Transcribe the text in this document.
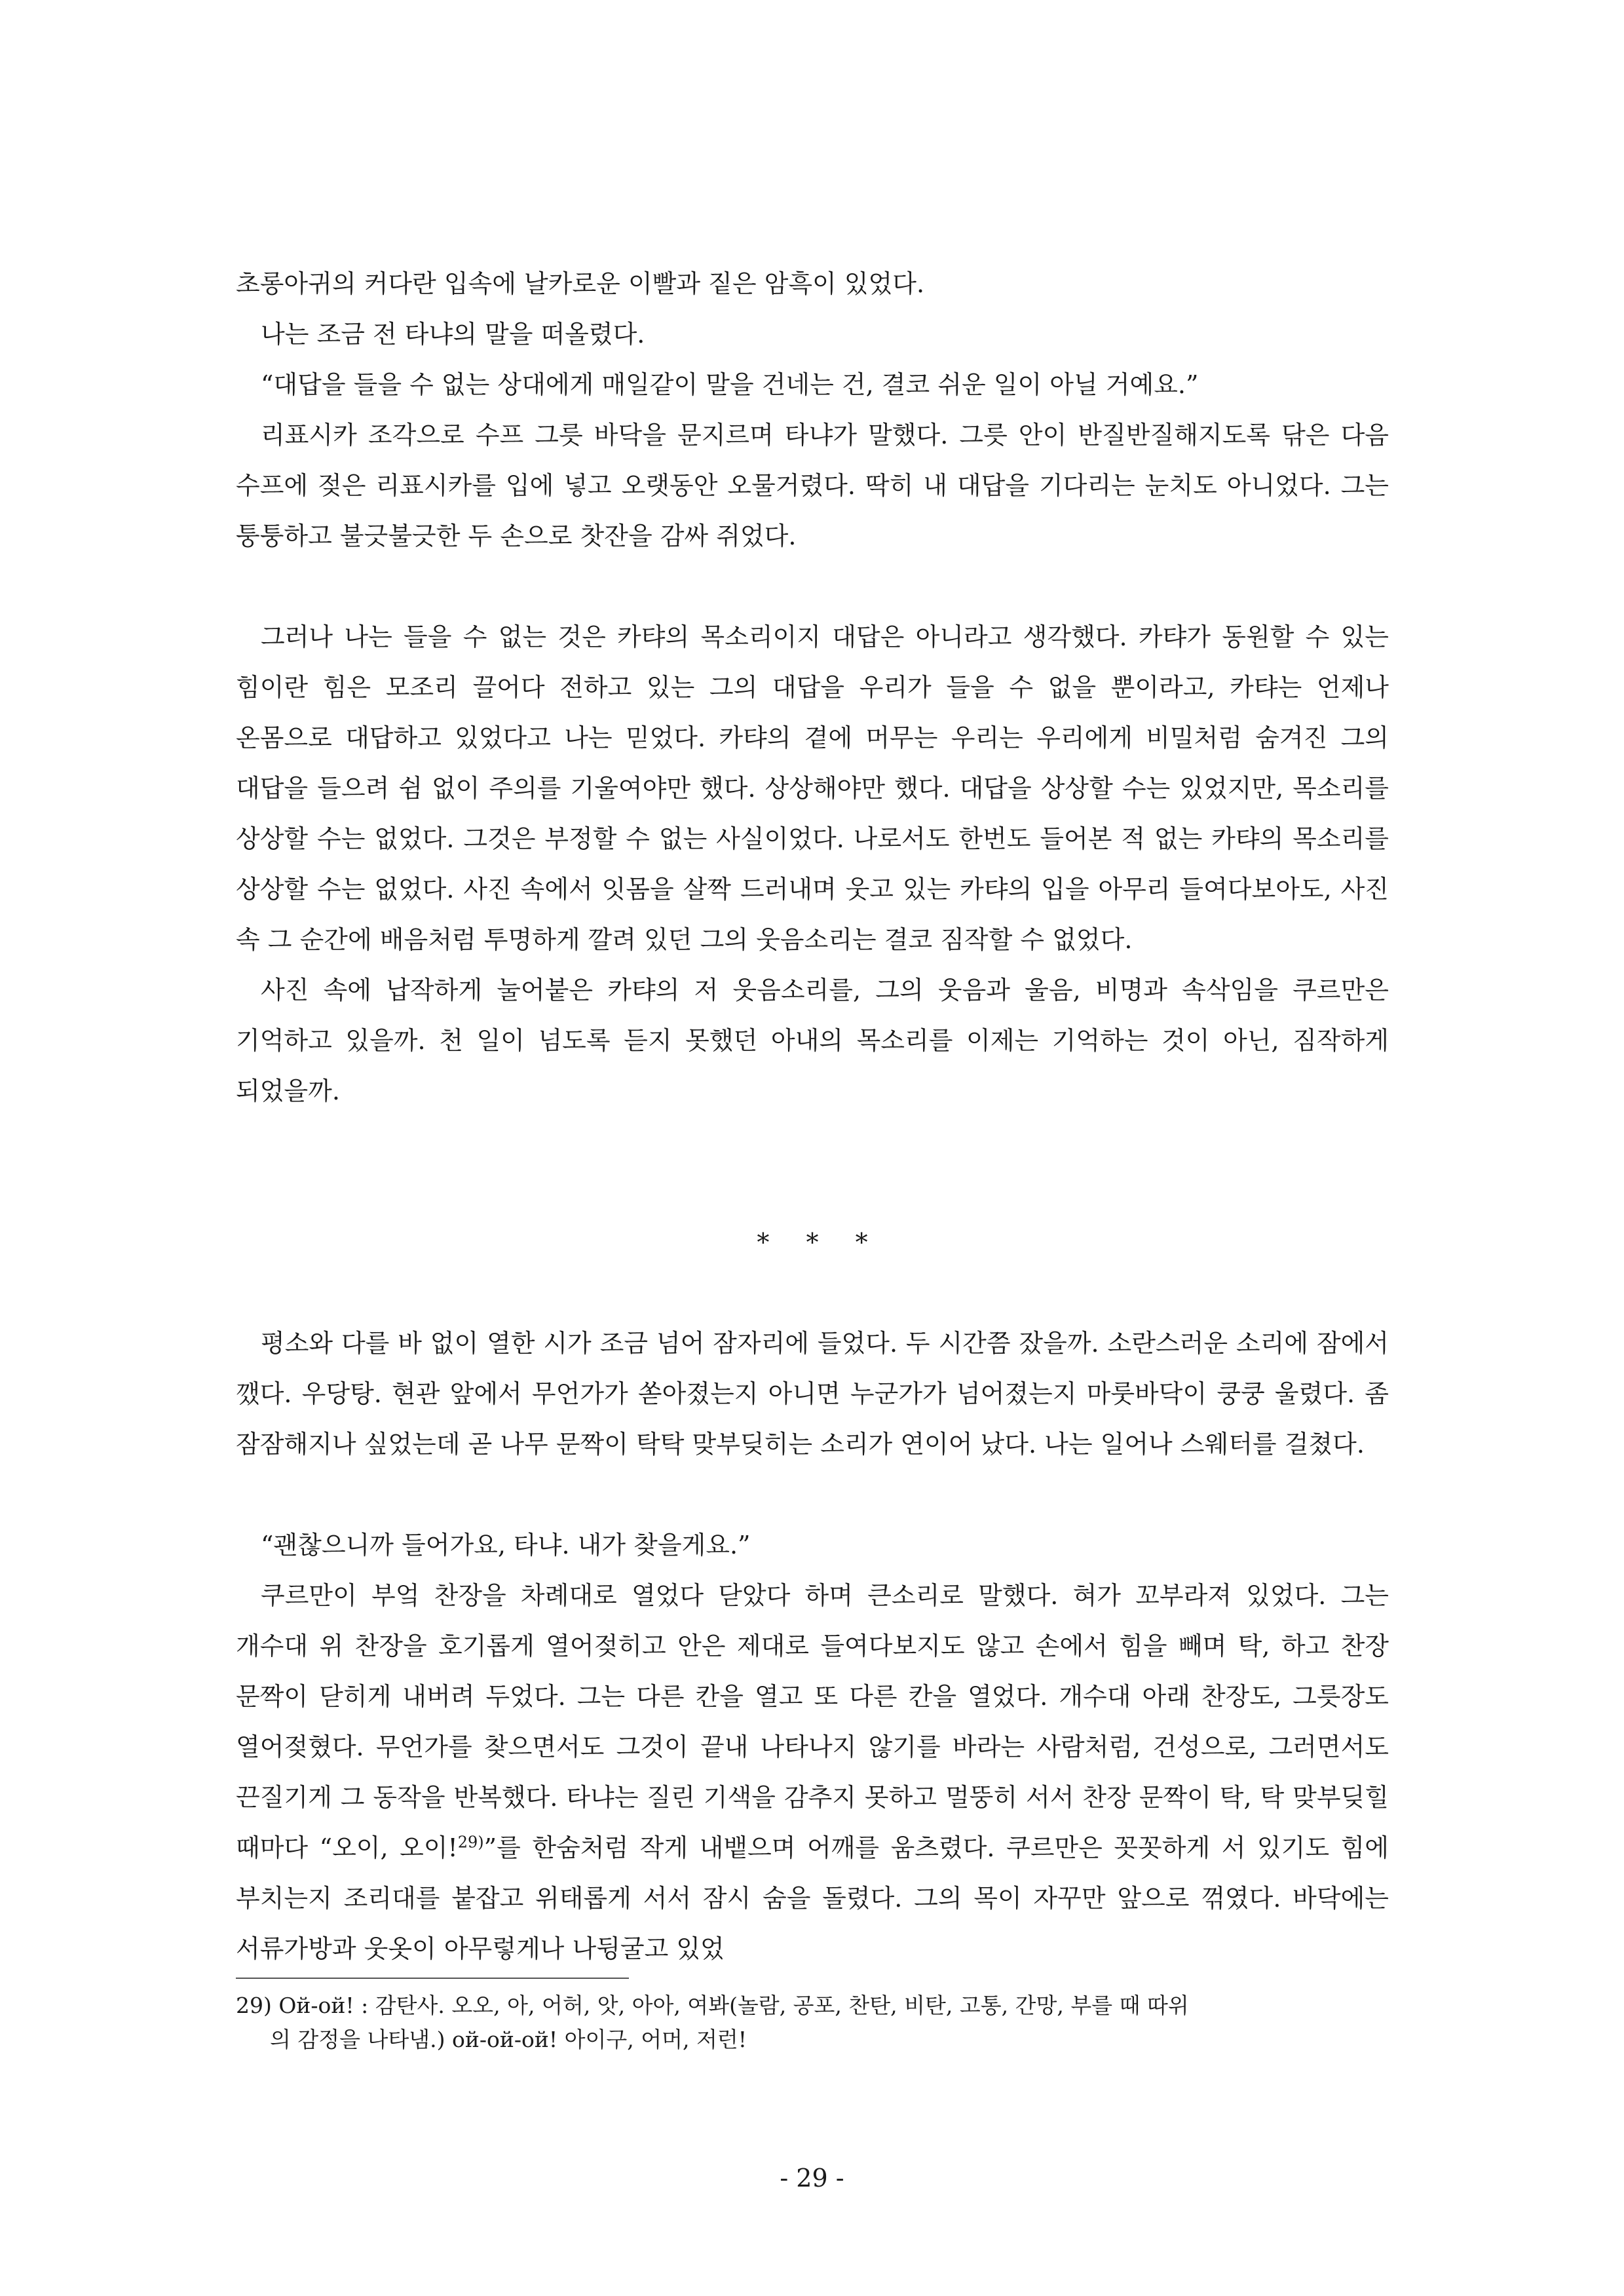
초롱아귀의 커다란 입속에 날카로운 이빨과 짙은 암흑이 있었다.

나는 조금 전 타냐의 말을 떠올렸다.

“대답을 들을 수 없는 상대에게 매일같이 말을 건네는 건, 결코 쉬운 일이 아닐 거예요.”

리표시카 조각으로 수프 그릇 바닥을 문지르며 타냐가 말했다. 그릇 안이 반질반질해지도록 닦은 다음 수프에 젖은 리표시카를 입에 넣고 오랫동안 오물거렸다. 딱히 내 대답을 기다리는 눈치도 아니었다. 그는 퉁퉁하고 불긋불긋한 두 손으로 찻잔을 감싸 쥐었다.

그러나 나는 들을 수 없는 것은 카탸의 목소리이지 대답은 아니라고 생각했다. 카탸가 동원할 수 있는 힘이란 힘은 모조리 끌어다 전하고 있는 그의 대답을 우리가 들을 수 없을 뿐이라고, 카탸는 언제나 온몸으로 대답하고 있었다고 나는 믿었다. 카탸의 곁에 머무는 우리는 우리에게 비밀처럼 숨겨진 그의 대답을 들으려 쉼 없이 주의를 기울여야만 했다. 상상해야만 했다. 대답을 상상할 수는 있었지만, 목소리를 상상할 수는 없었다. 그것은 부정할 수 없는 사실이었다. 나로서도 한번도 들어본 적 없는 카탸의 목소리를 상상할 수는 없었다. 사진 속에서 잇몸을 살짝 드러내며 웃고 있는 카탸의 입을 아무리 들여다보아도, 사진 속 그 순간에 배음처럼 투명하게 깔려 있던 그의 웃음소리는 결코 짐작할 수 없었다.

사진 속에 납작하게 눌어붙은 카탸의 저 웃음소리를, 그의 웃음과 울음, 비명과 속삭임을 쿠르만은 기억하고 있을까. 천 일이 넘도록 듣지 못했던 아내의 목소리를 이제는 기억하는 것이 아닌, 짐작하게 되었을까.

* * *

평소와 다를 바 없이 열한 시가 조금 넘어 잠자리에 들었다. 두 시간쯤 잤을까. 소란스러운 소리에 잠에서 깼다. 우당탕. 현관 앞에서 무언가가 쏟아졌는지 아니면 누군가가 넘어졌는지 마룻바닥이 쿵쿵 울렸다. 좀 잠잠해지나 싶었는데 곧 나무 문짝이 탁탁 맞부딪히는 소리가 연이어 났다. 나는 일어나 스웨터를 걸쳤다.

“괜찮으니까 들어가요, 타냐. 내가 찾을게요.”

쿠르만이 부엌 찬장을 차례대로 열었다 닫았다 하며 큰소리로 말했다. 혀가 꼬부라져 있었다. 그는 개수대 위 찬장을 호기롭게 열어젖히고 안은 제대로 들여다보지도 않고 손에서 힘을 빼며 탁, 하고 찬장 문짝이 닫히게 내버려 두었다. 그는 다른 칸을 열고 또 다른 칸을 열었다. 개수대 아래 찬장도, 그릇장도 열어젖혔다. 무언가를 찾으면서도 그것이 끝내 나타나지 않기를 바라는 사람처럼, 건성으로, 그러면서도 끈질기게 그 동작을 반복했다. 타냐는 질린 기색을 감추지 못하고 멀뚱히 서서 찬장 문짝이 탁, 탁 맞부딪힐 때마다 “오이, 오이!$^{29)}$”를 한숨처럼 작게 내뱉으며 어깨를 움츠렸다. 쿠르만은 꼿꼿하게 서 있기도 힘에 부치는지 조리대를 붙잡고 위태롭게 서서 잠시 숨을 돌렸다. 그의 목이 자꾸만 앞으로 꺾였다. 바닥에는 서류가방과 웃옷이 아무렇게나 나뒹굴고 있었

29) Ой-ой! : 감탄사. 오오, 아, 어허, 앗, 아아, 여봐(놀람, 공포, 찬탄, 비탄, 고통, 간망, 부를 때 따위
의 감정을 나타냄.) ой-ой-ой! 아이구, 어머, 저런!

- 29 -
